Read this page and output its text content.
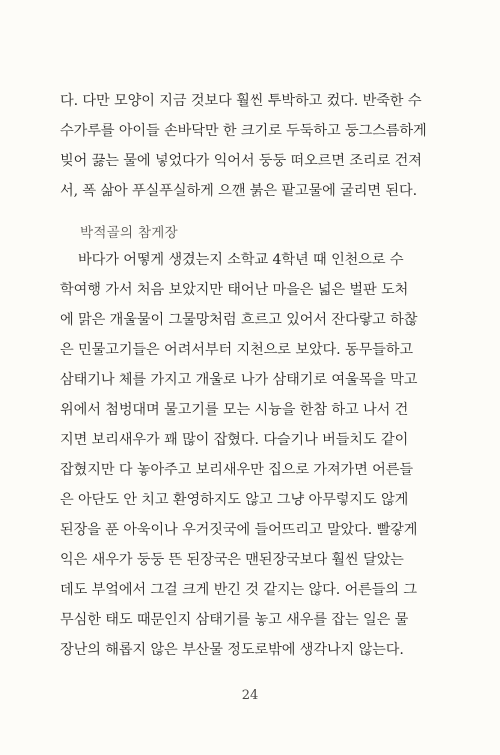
다. 다만 모양이 지금 것보다 훨씬 투박하고 컸다. 반죽한 수
수가루를 아이들 손바닥만 한 크기로 두둑하고 둥그스름하게
빚어 끓는 물에 넣었다가 익어서 둥둥 떠오르면 조리로 건져
서, 폭 삶아 푸실푸실하게 으깬 붉은 팥고물에 굴리면 된다.
박적골의 참게장
바다가 어떻게 생겼는지 소학교 4학년 때 인천으로 수
학여행 가서 처음 보았지만 태어난 마을은 넓은 벌판 도처
에 맑은 개울물이 그물망처럼 흐르고 있어서 잔다랗고 하찮
은 민물고기들은 어려서부터 지천으로 보았다. 동무들하고
삼태기나 체를 가지고 개울로 나가 삼태기로 여울목을 막고
위에서 첨벙대며 물고기를 모는 시늉을 한참 하고 나서 건
지면 보리새우가 꽤 많이 잡혔다. 다슬기나 버들치도 같이
잡혔지만 다 놓아주고 보리새우만 집으로 가져가면 어른들
은 아단도 안 치고 환영하지도 않고 그냥 아무렇지도 않게
된장을 푼 아욱이나 우거짓국에 들어뜨리고 말았다. 빨갛게
익은 새우가 둥둥 뜬 된장국은 맨된장국보다 훨씬 달았는
데도 부엌에서 그걸 크게 반긴 것 같지는 않다. 어른들의 그
무심한 태도 때문인지 삼태기를 놓고 새우를 잡는 일은 물
장난의 해롭지 않은 부산물 정도로밖에 생각나지 않는다.
24
